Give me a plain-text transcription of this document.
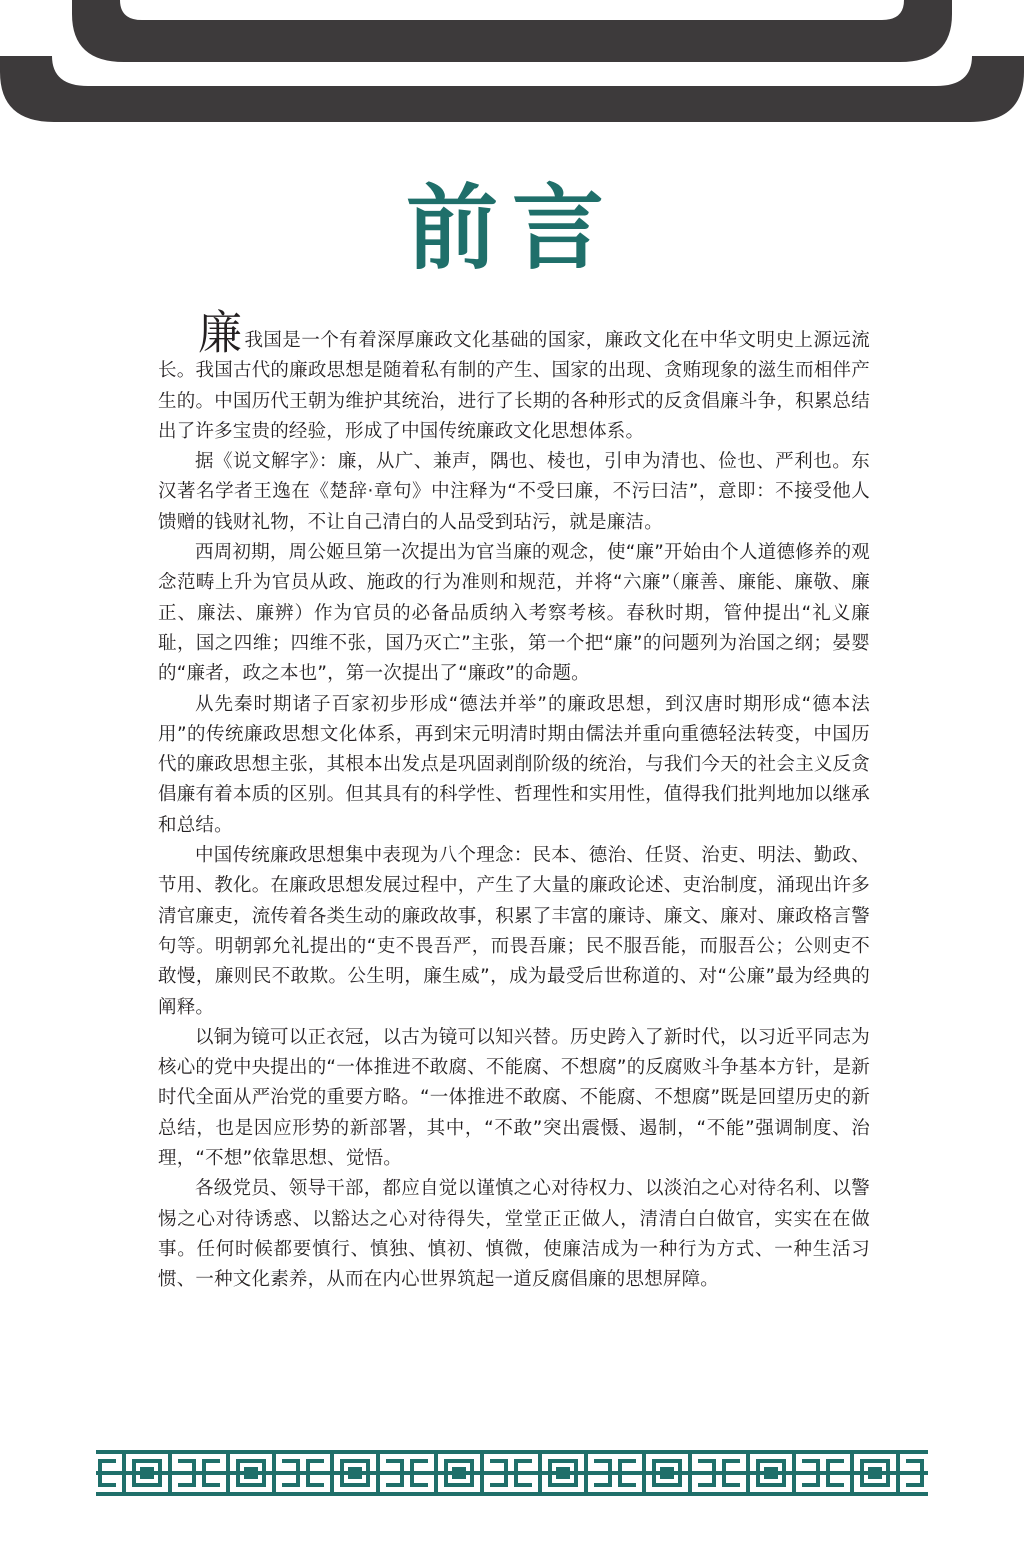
前言

廉我国是一个有着深厚廉政文化基础的国家，廉政文化在中华文明史上源远流长。我国古代的廉政思想是随着私有制的产生、国家的出现、贪贿现象的滋生而相伴产生的。中国历代王朝为维护其统治，进行了长期的各种形式的反贪倡廉斗争，积累总结出了许多宝贵的经验，形成了中国传统廉政文化思想体系。

据《说文解字》：廉，从广、兼声，隅也、棱也，引申为清也、俭也、严利也。东汉著名学者王逸在《楚辞·章句》中注释为“不受曰廉，不污曰洁”，意即：不接受他人馈赠的钱财礼物，不让自己清白的人品受到玷污，就是廉洁。

西周初期，周公姬旦第一次提出为官当廉的观念，使“廉”开始由个人道德修养的观念范畴上升为官员从政、施政的行为准则和规范，并将“六廉”（廉善、廉能、廉敬、廉正、廉法、廉辨）作为官员的必备品质纳入考察考核。春秋时期，管仲提出“礼义廉耻，国之四维；四维不张，国乃灭亡”主张，第一个把“廉”的问题列为治国之纲；晏婴的“廉者，政之本也”，第一次提出了“廉政”的命题。

从先秦时期诸子百家初步形成“德法并举”的廉政思想，到汉唐时期形成“德本法用”的传统廉政思想文化体系，再到宋元明清时期由儒法并重向重德轻法转变，中国历代的廉政思想主张，其根本出发点是巩固剥削阶级的统治，与我们今天的社会主义反贪倡廉有着本质的区别。但其具有的科学性、哲理性和实用性，值得我们批判地加以继承和总结。

中国传统廉政思想集中表现为八个理念：民本、德治、任贤、治吏、明法、勤政、节用、教化。在廉政思想发展过程中，产生了大量的廉政论述、吏治制度，涌现出许多清官廉吏，流传着各类生动的廉政故事，积累了丰富的廉诗、廉文、廉对、廉政格言警句等。明朝郭允礼提出的“吏不畏吾严，而畏吾廉；民不服吾能，而服吾公；公则吏不敢慢，廉则民不敢欺。公生明，廉生威”，成为最受后世称道的、对“公廉”最为经典的阐释。

以铜为镜可以正衣冠，以古为镜可以知兴替。历史跨入了新时代，以习近平同志为核心的党中央提出的“一体推进不敢腐、不能腐、不想腐”的反腐败斗争基本方针，是新时代全面从严治党的重要方略。“一体推进不敢腐、不能腐、不想腐”既是回望历史的新总结，也是因应形势的新部署，其中，“不敢”突出震慑、遏制，“不能”强调制度、治理，“不想”依靠思想、觉悟。

各级党员、领导干部，都应自觉以谨慎之心对待权力、以淡泊之心对待名利、以警惕之心对待诱惑、以豁达之心对待得失，堂堂正正做人，清清白白做官，实实在在做事。任何时候都要慎行、慎独、慎初、慎微，使廉洁成为一种行为方式、一种生活习惯、一种文化素养，从而在内心世界筑起一道反腐倡廉的思想屏障。
